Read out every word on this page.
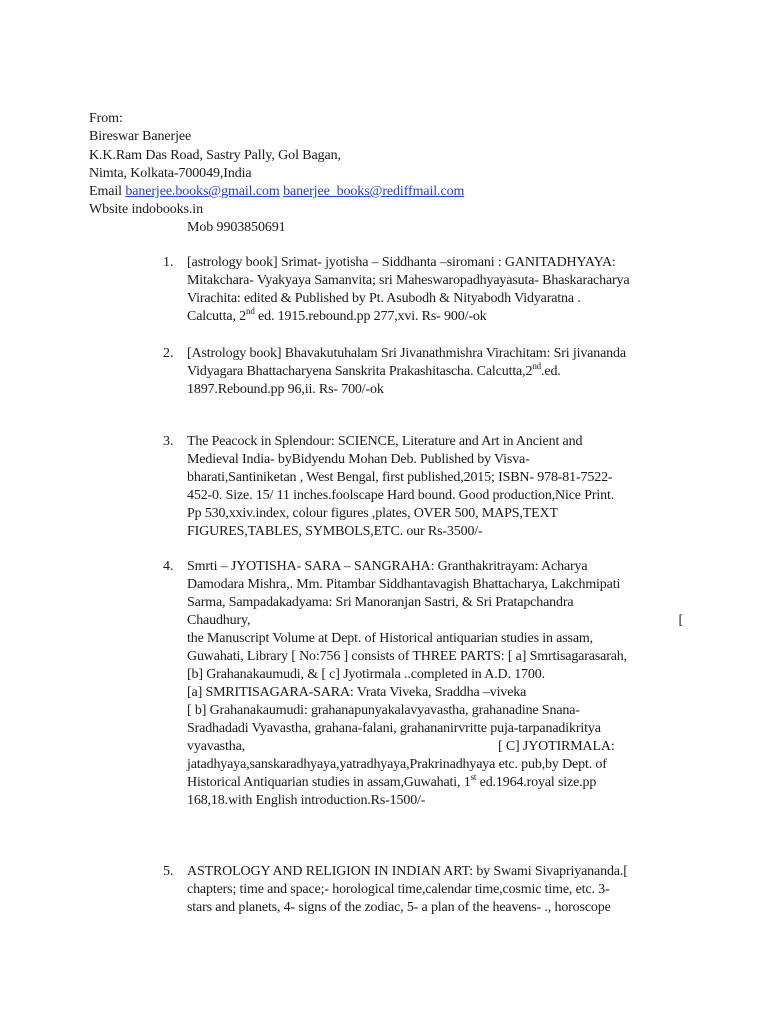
From:
Bireswar Banerjee
K.K.Ram Das Road, Sastry Pally, Gol Bagan,
Nimta, Kolkata-700049,India
Email banerjee.books@gmail.com banerjee_books@rediffmail.com
Wbsite indobooks.in
Mob 9903850691
1. [astrology book] Srimat- jyotisha – Siddhanta –siromani : GANITADHYAYA:
Mitakchara- Vyakyaya Samanvita; sri Maheswaropadhyayasuta- Bhaskaracharya
Virachita: edited & Published by Pt. Asubodh & Nityabodh Vidyaratna .
Calcutta, 2nd ed. 1915.rebound.pp 277,xvi. Rs- 900/-ok
2. [Astrology book] Bhavakutuhalam Sri Jivanathmishra Virachitam: Sri jivananda
Vidyagara Bhattacharyena Sanskrita Prakashitascha. Calcutta,2nd.ed.
1897.Rebound.pp 96,ii. Rs- 700/-ok
3. The Peacock in Splendour: SCIENCE, Literature and Art in Ancient and
Medieval India- byBidyendu Mohan Deb. Published by Visva-
bharati,Santiniketan , West Bengal, first published,2015; ISBN- 978-81-7522-
452-0. Size. 15/ 11 inches.foolscape Hard bound. Good production,Nice Print.
Pp 530,xxiv.index, colour figures ,plates, OVER 500, MAPS,TEXT
FIGURES,TABLES, SYMBOLS,ETC. our Rs-3500/-
4. Smrti – JYOTISHA- SARA – SANGRAHA: Granthakritrayam: Acharya
Damodara Mishra,. Mm. Pitambar Siddhantavagish Bhattacharya, Lakchmipati
Sarma, Sampadakadyama: Sri Manoranjan Sastri, & Sri Pratapchandra
Chaudhury,	[
the Manuscript Volume at Dept. of Historical antiquarian studies in assam,
Guwahati, Library [ No:756 ] consists of THREE PARTS: [ a] Smrtisagarasarah,
[b] Grahanakaumudi, & [ c] Jyotirmala ..completed in A.D. 1700.
[a] SMRITISAGARA-SARA: Vrata Viveka, Sraddha –viveka
[ b] Grahanakaumudi: grahanapunyakalavyavastha, grahanadine Snana-
Sradhadadi Vyavastha, grahana-falani, grahananirvritte puja-tarpanadikritya
vyavastha,	[ C] JYOTIRMALA:
jatadhyaya,sanskaradhyaya,yatradhyaya,Prakrinadhyaya etc. pub,by Dept. of
Historical Antiquarian studies in assam,Guwahati, 1st ed.1964.royal size.pp
168,18.with English introduction.Rs-1500/-
5. ASTROLOGY AND RELIGION IN INDIAN ART: by Swami Sivapriyananda.[
chapters; time and space;- horological time,calendar time,cosmic time, etc. 3-
stars and planets, 4- signs of the zodiac, 5- a plan of the heavens- ., horoscope
